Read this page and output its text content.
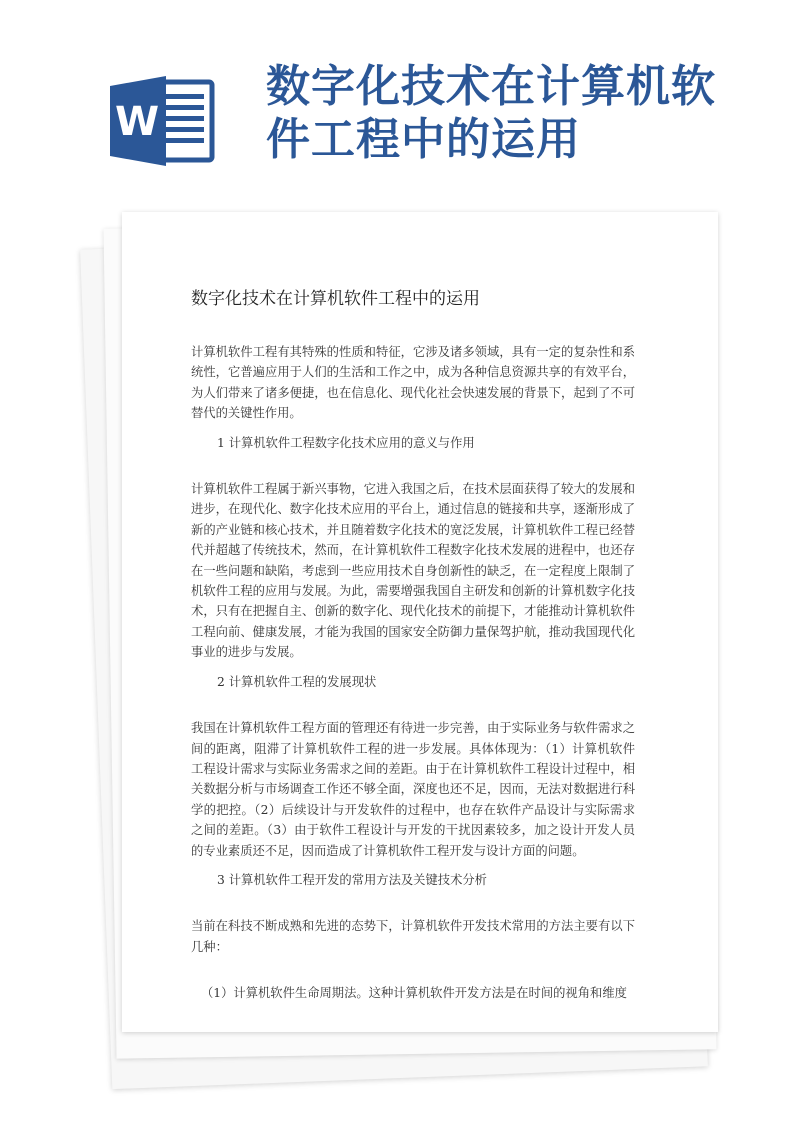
W
数字化技术在计算机软
件工程中的运用
数字化技术在计算机软件工程中的运用

计算机软件工程有其特殊的性质和特征，它涉及诸多领域，具有一定的复杂性和系统性，它普遍应用于人们的生活和工作之中，成为各种信息资源共享的有效平台，为人们带来了诸多便捷，也在信息化、现代化社会快速发展的背景下，起到了不可替代的关键性作用。

1 计算机软件工程数字化技术应用的意义与作用

计算机软件工程属于新兴事物，它进入我国之后，在技术层面获得了较大的发展和进步，在现代化、数字化技术应用的平台上，通过信息的链接和共享，逐渐形成了新的产业链和核心技术，并且随着数字化技术的宽泛发展，计算机软件工程已经替代并超越了传统技术，然而，在计算机软件工程数字化技术发展的进程中，也还存在一些问题和缺陷，考虑到一些应用技术自身创新性的缺乏，在一定程度上限制了机软件工程的应用与发展。为此，需要增强我国自主研发和创新的计算机数字化技术，只有在把握自主、创新的数字化、现代化技术的前提下，才能推动计算机软件工程向前、健康发展，才能为我国的国家安全防御力量保驾护航，推动我国现代化事业的进步与发展。

2 计算机软件工程的发展现状

我国在计算机软件工程方面的管理还有待进一步完善，由于实际业务与软件需求之间的距离，阻滞了计算机软件工程的进一步发展。具体体现为：（1）计算机软件工程设计需求与实际业务需求之间的差距。由于在计算机软件工程设计过程中，相关数据分析与市场调查工作还不够全面，深度也还不足，因而，无法对数据进行科学的把控。（2）后续设计与开发软件的过程中，也存在软件产品设计与实际需求之间的差距。（3）由于软件工程设计与开发的干扰因素较多，加之设计开发人员的专业素质还不足，因而造成了计算机软件工程开发与设计方面的问题。

3 计算机软件工程开发的常用方法及关键技术分析

当前在科技不断成熟和先进的态势下，计算机软件开发技术常用的方法主要有以下几种：

（1）计算机软件生命周期法。这种计算机软件开发方法是在时间的视角和维度
